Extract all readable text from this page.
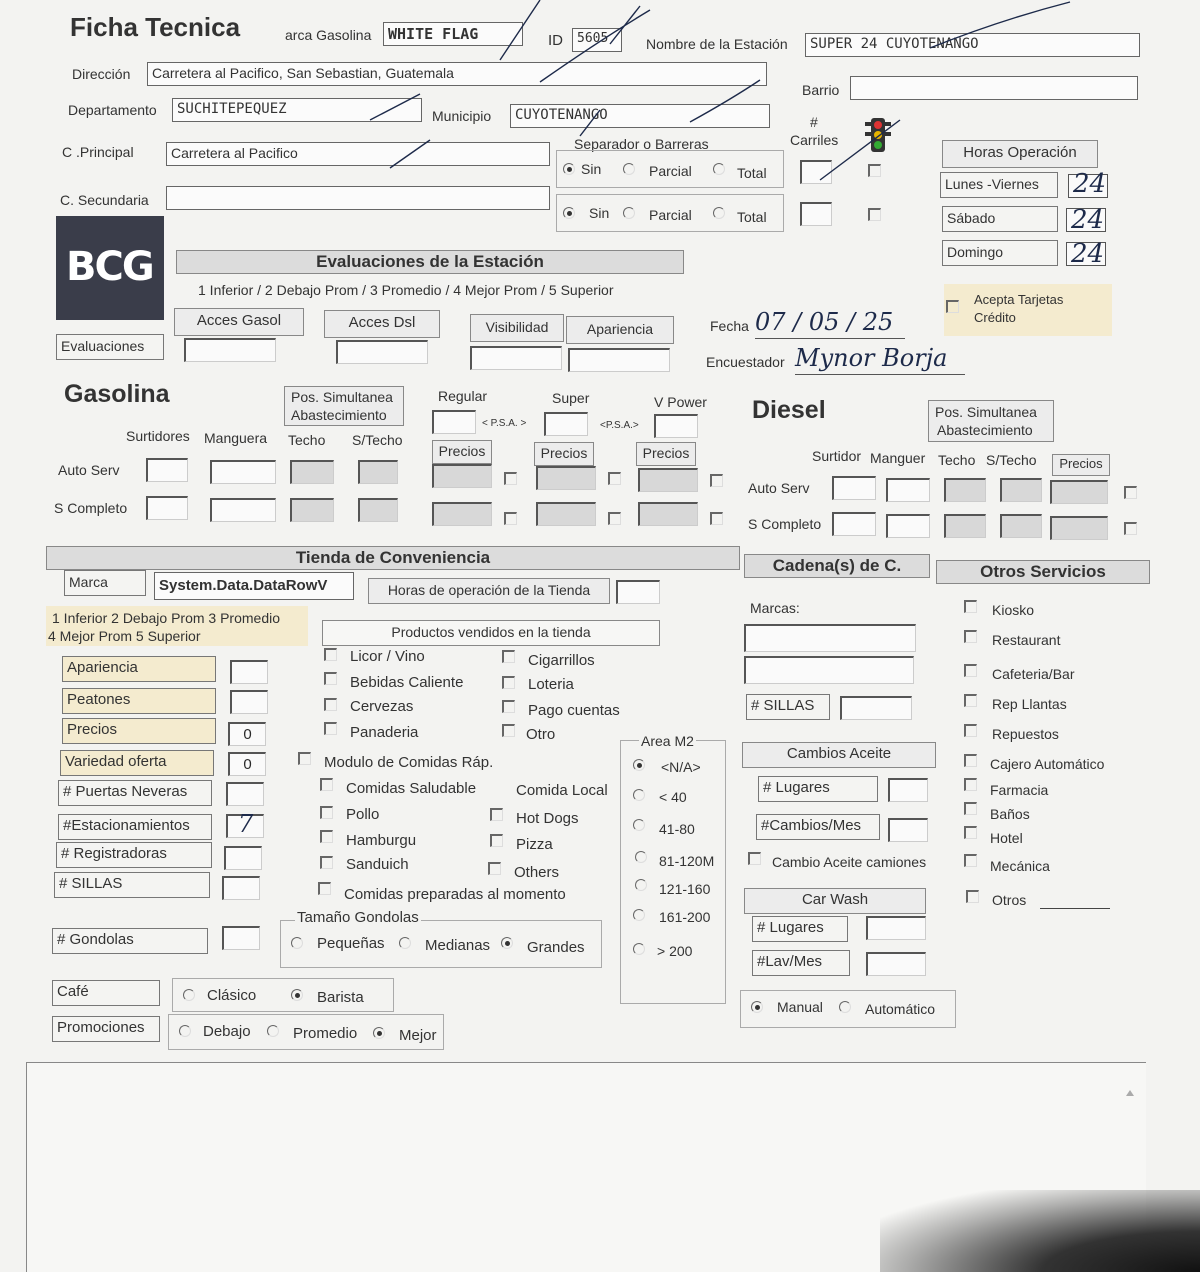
Ficha Tecnica	arca Gasolina	WHITE FLAG	ID	5605	Nombre de la Estación	SUPER 24 CUYOTENANGO
Dirección	Carretera al Pacifico, San Sebastian, Guatemala
Barrio
Departamento	SUCHITEPEQUEZ	Municipio	CUYOTENANGO
C .Principal	Carretera al Pacifico
C. Secundaria
Separador o Barreras
Sin	Parcial	Total
Sin	Parcial	Total
#
Carriles
Horas Operación
Lunes -Viernes	24
Sábado	24
Domingo	24
Acepta Tarjetas
Crédito
BCG	Evaluaciones de la Estación
1 Inferior / 2 Debajo Prom / 3 Promedio / 4 Mejor Prom / 5 Superior
Acces Gasol	Acces Dsl	Visibilidad	Apariencia
Evaluaciones
Fecha 07 / 05 / 25
Encuestador Mynor Borja
Gasolina	Pos. Simultanea
Abastecimiento
Regular	Super	V Power
< P.S.A. >	<P.S.A.>
Surtidores Manguera Techo S/Techo
Precios	Precios	Precios
Auto Serv
S Completo
Diesel	Pos. Simultanea
Abastecimiento
Surtidor Manguer Techo S/Techo	Precios
Auto Serv
S Completo
Tienda de Conveniencia	Cadena(s) de C.	Otros Servicios
Marca	System.Data.DataRowV	Horas de operación de la Tienda
1 Inferior 2 Debajo Prom 3 Promedio
4 Mejor Prom 5 Superior	Productos vendidos en la tienda
Apariencia
Peatones
Precios	0
Variedad oferta	0
# Puertas Neveras
#Estacionamientos	7
# Registradoras
# SILLAS
# Gondolas
Licor / Vino
Bebidas Caliente
Cervezas
Panaderia
Cigarrillos
Loteria
Pago cuentas
Otro
Modulo de Comidas Ráp.
Comidas Saludable	Comida Local
Pollo	Hot Dogs
Hamburgu	Pizza
Sanduich	Others
Comidas preparadas al momento
Tamaño Gondolas
Pequeñas	Medianas Grandes
Area M2
<N/A>
< 40
41-80
81-120M
121-160
161-200
> 200
Café	Clásico	Barista
Promociones	Debajo	Promedio	Mejor
Marcas:
# SILLAS
Cambios Aceite
# Lugares
#Cambios/Mes
Cambio Aceite camiones
Car Wash
# Lugares
#Lav/Mes
Manual	Automático
Kiosko
Restaurant
Cafeteria/Bar
Rep Llantas
Repuestos
Cajero Automático
Farmacia
Baños
Hotel
Mecánica
Otros
